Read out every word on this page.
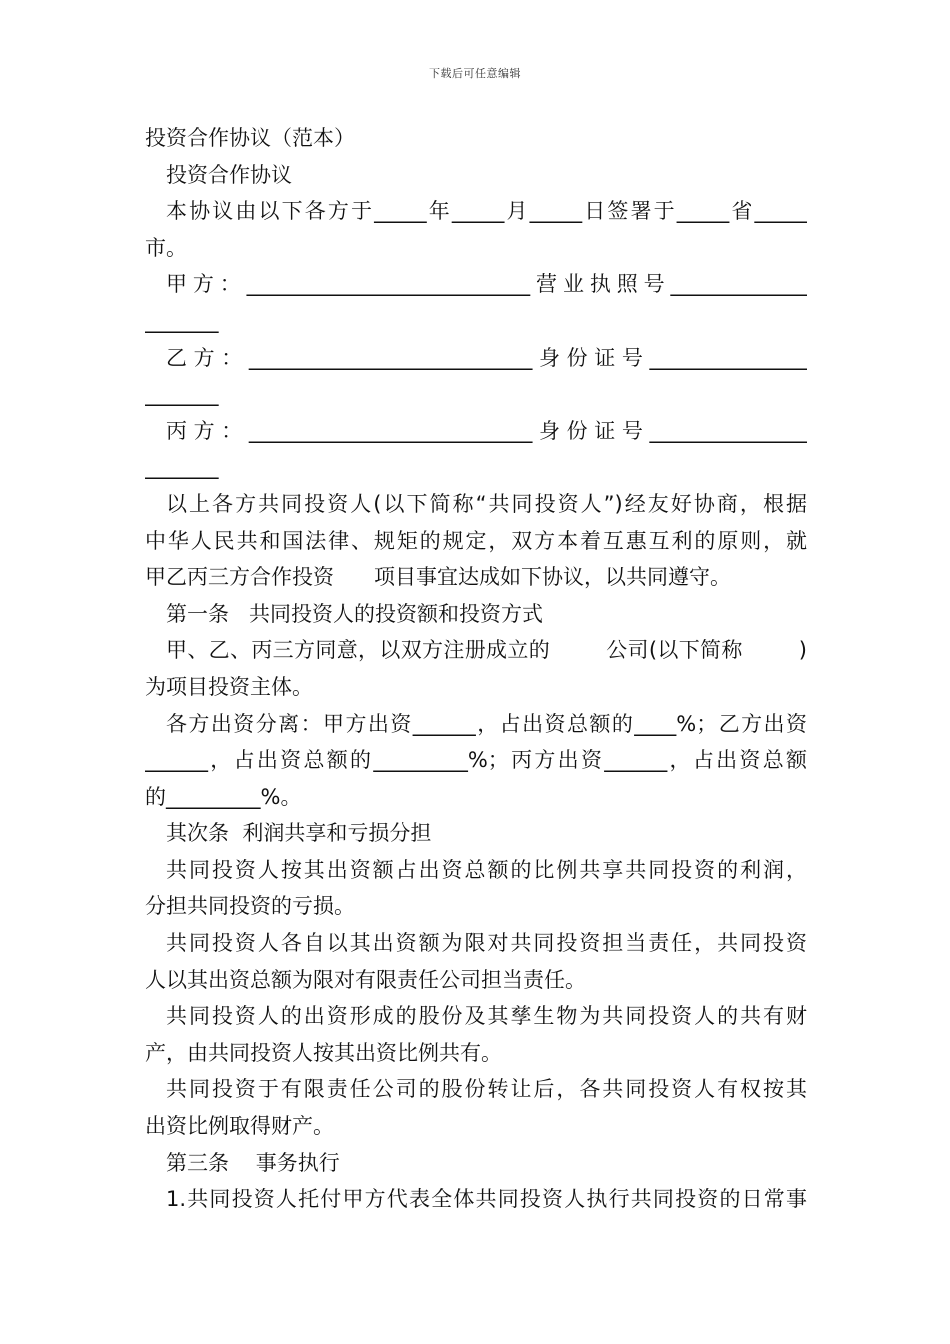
下载后可任意编辑
投资合作协议（范本）
投资合作协议
本协议由以下各方于_____年_____月_____日签署于_____省_____
市。
甲方：___________________________营业执照号_____________
_______
乙方：___________________________身份证号_______________
_______
丙方：___________________________身份证号_______________
_______
以上各方共同投资人(以下简称“共同投资人”)经友好协商，根据
中华人民共和国法律、规矩的规定，双方本着互惠互利的原则，就
甲乙丙三方合作投资      项目事宜达成如下协议，以共同遵守。
第一条   共同投资人的投资额和投资方式
甲、乙、丙三方同意，以双方注册成立的        公司(以下简称        )
为项目投资主体。
各方出资分离：甲方出资______，占出资总额的____%；乙方出资
______，占出资总额的_________%；丙方出资______，占出资总额
的_________%。
其次条  利润共享和亏损分担
共同投资人按其出资额占出资总额的比例共享共同投资的利润，
分担共同投资的亏损。
共同投资人各自以其出资额为限对共同投资担当责任，共同投资
人以其出资总额为限对有限责任公司担当责任。
共同投资人的出资形成的股份及其孳生物为共同投资人的共有财
产，由共同投资人按其出资比例共有。
共同投资于有限责任公司的股份转让后，各共同投资人有权按其
出资比例取得财产。
第三条    事务执行
1.共同投资人托付甲方代表全体共同投资人执行共同投资的日常事
